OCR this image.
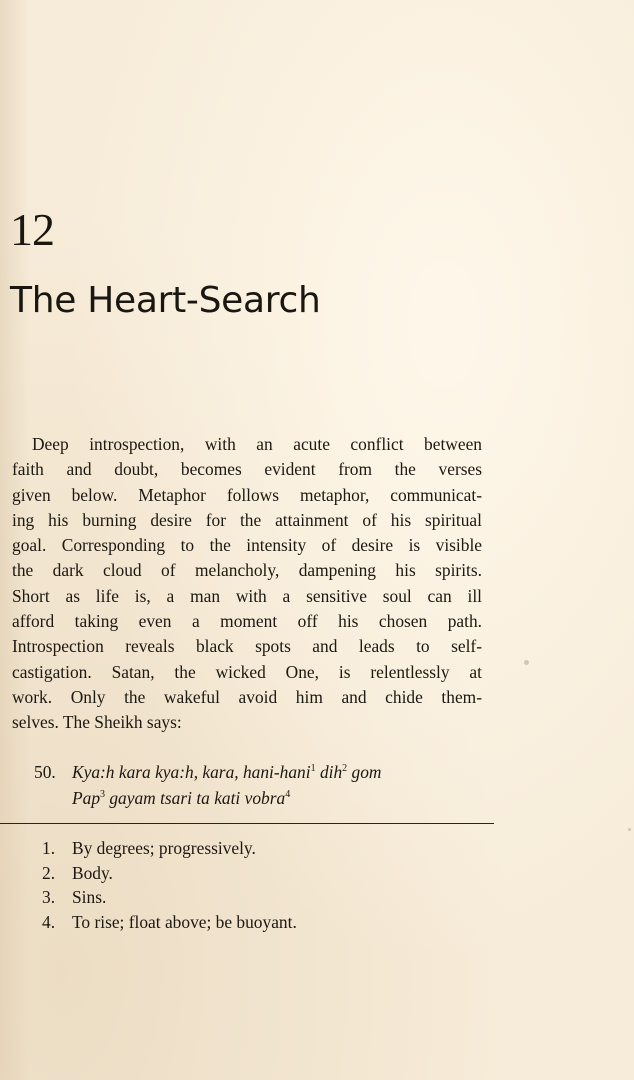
12
The Heart-Search
Deep introspection, with an acute conflict between
faith and doubt, becomes evident from the verses
given below. Metaphor follows metaphor, communicat-
ing his burning desire for the attainment of his spiritual
goal. Corresponding to the intensity of desire is visible
the dark cloud of melancholy, dampening his spirits.
Short as life is, a man with a sensitive soul can ill
afford taking even a moment off his chosen path.
Introspection reveals black spots and leads to self-
castigation. Satan, the wicked One, is relentlessly at
work. Only the wakeful avoid him and chide them-
selves. The Sheikh says:
50. Kya:h kara kya:h, kara, hani-hani$^1$ dih$^2$ gom
Pap$^3$ gayam tsari ta kati vobra$^4$
1. By degrees; progressively.
2. Body.
3. Sins.
4. To rise; float above; be buoyant.
